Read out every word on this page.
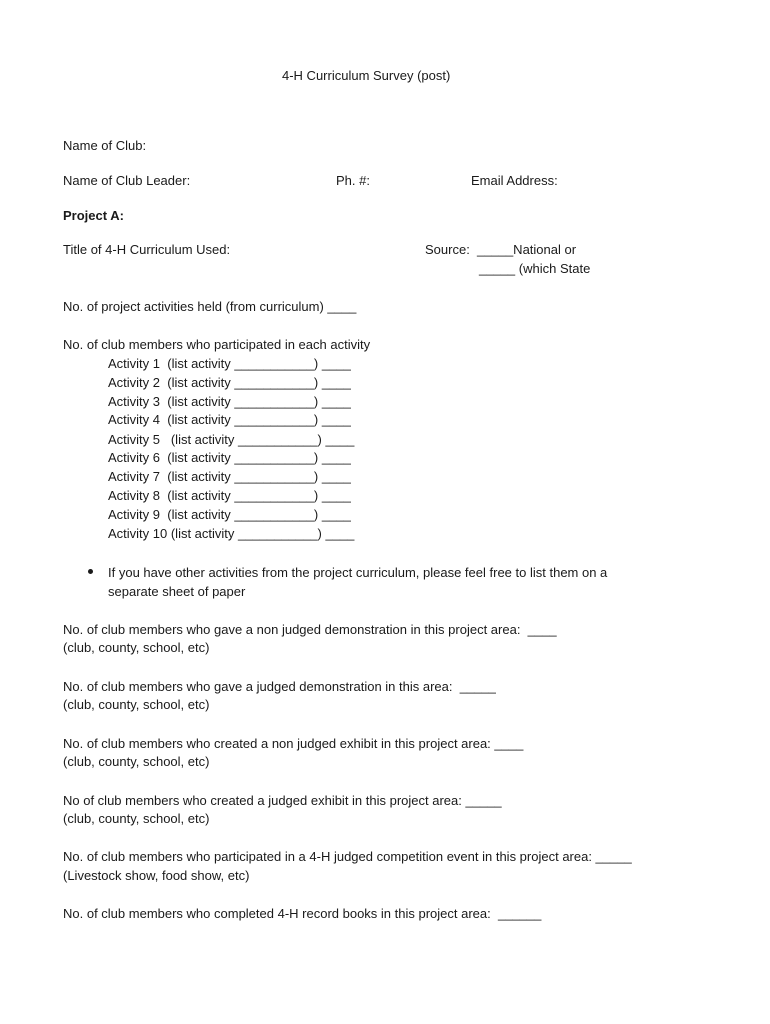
4-H Curriculum Survey (post)
Name of Club:
Name of Club Leader:	Ph. #:	Email Address:
Project A:
Title of 4-H Curriculum Used:	Source:  _____National or
_____ (which State
No. of project activities held (from curriculum) ____
No. of club members who participated in each activity
Activity 1  (list activity ___________) ____
Activity 2  (list activity ___________) ____
Activity 3  (list activity ___________) ____
Activity 4  (list activity ___________) ____
Activity 5   (list activity ___________) ____
Activity 6  (list activity ___________) ____
Activity 7  (list activity ___________) ____
Activity 8  (list activity ___________) ____
Activity 9  (list activity ___________) ____
Activity 10 (list activity ___________) ____
If you have other activities from the project curriculum, please feel free to list them on a
separate sheet of paper
No. of club members who gave a non judged demonstration in this project area:  ____
(club, county, school, etc)
No. of club members who gave a judged demonstration in this area:  _____
(club, county, school, etc)
No. of club members who created a non judged exhibit in this project area: ____
(club, county, school, etc)
No of club members who created a judged exhibit in this project area: _____
(club, county, school, etc)
No. of club members who participated in a 4-H judged competition event in this project area: _____
(Livestock show, food show, etc)
No. of club members who completed 4-H record books in this project area:  ______
